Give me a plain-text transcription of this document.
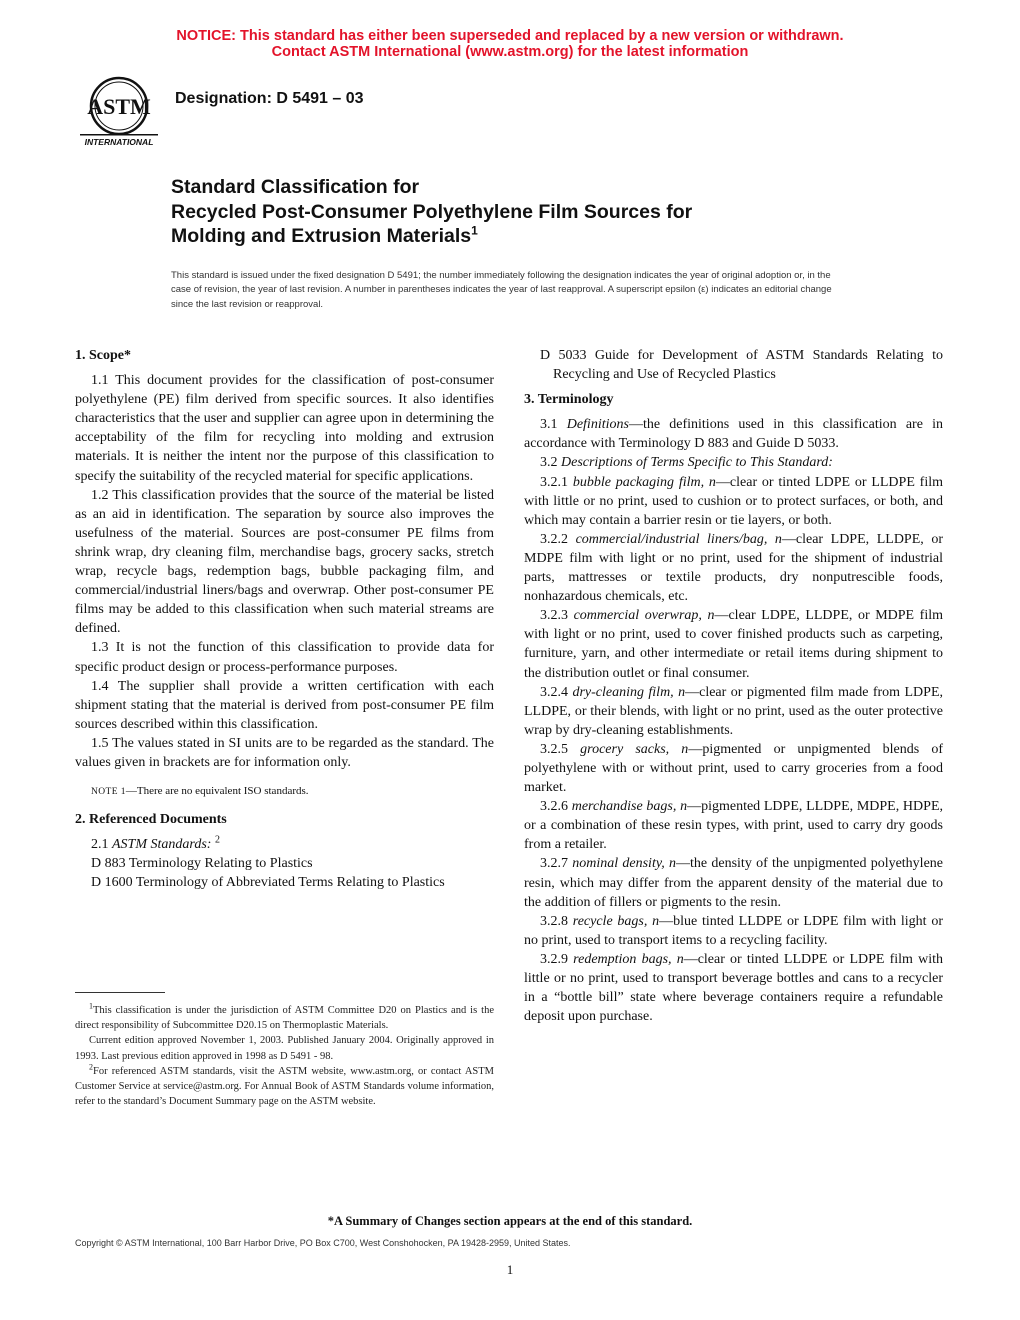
NOTICE: This standard has either been superseded and replaced by a new version or withdrawn.
Contact ASTM International (www.astm.org) for the latest information
ASTM
INTERNATIONAL
Designation: D 5491 – 03
Standard Classification for
Recycled Post-Consumer Polyethylene Film Sources for
Molding and Extrusion Materials$^1$
This standard is issued under the fixed designation D 5491; the number immediately following the designation indicates the year of original adoption or, in the case of revision, the year of last revision. A number in parentheses indicates the year of last reapproval. A superscript epsilon (ε) indicates an editorial change since the last revision or reapproval.

1. Scope*

1.1 This document provides for the classification of post-consumer polyethylene (PE) film derived from specific sources. It also identifies characteristics that the user and supplier can agree upon in determining the acceptability of the film for recycling into molding and extrusion materials. It is neither the intent nor the purpose of this classification to specify the suitability of the recycled material for specific applications.

1.2 This classification provides that the source of the material be listed as an aid in identification. The separation by source also improves the usefulness of the material. Sources are post-consumer PE films from shrink wrap, dry cleaning film, merchandise bags, grocery sacks, stretch wrap, recycle bags, redemption bags, bubble packaging film, and commercial/industrial liners/bags and overwrap. Other post-consumer PE films may be added to this classification when such material streams are defined.

1.3 It is not the function of this classification to provide data for specific product design or process-performance purposes.

1.4 The supplier shall provide a written certification with each shipment stating that the material is derived from post-consumer PE film sources described within this classification.

1.5 The values stated in SI units are to be regarded as the standard. The values given in brackets are for information only.

NOTE 1—There are no equivalent ISO standards.

2. Referenced Documents

2.1 ASTM Standards: $^2$

D 883 Terminology Relating to Plastics

D 1600 Terminology of Abbreviated Terms Relating to Plastics

$^1$This classification is under the jurisdiction of ASTM Committee D20 on Plastics and is the direct responsibility of Subcommittee D20.15 on Thermoplastic Materials.

Current edition approved November 1, 2003. Published January 2004. Originally approved in 1993. Last previous edition approved in 1998 as D 5491 - 98.

$^2$For referenced ASTM standards, visit the ASTM website, www.astm.org, or contact ASTM Customer Service at service@astm.org. For Annual Book of ASTM Standards volume information, refer to the standard’s Document Summary page on the ASTM website.

D 5033 Guide for Development of ASTM Standards Relating to Recycling and Use of Recycled Plastics

3. Terminology

3.1 Definitions—the definitions used in this classification are in accordance with Terminology D 883 and Guide D 5033.

3.2 Descriptions of Terms Specific to This Standard:

3.2.1 bubble packaging film, n—clear or tinted LDPE or LLDPE film with little or no print, used to cushion or to protect surfaces, or both, and which may contain a barrier resin or tie layers, or both.

3.2.2 commercial/industrial liners/bag, n—clear LDPE, LLDPE, or MDPE film with light or no print, used for the shipment of industrial parts, mattresses or textile products, dry nonputrescible foods, nonhazardous chemicals, etc.

3.2.3 commercial overwrap, n—clear LDPE, LLDPE, or MDPE film with light or no print, used to cover finished products such as carpeting, furniture, yarn, and other intermediate or retail items during shipment to the distribution outlet or final consumer.

3.2.4 dry-cleaning film, n—clear or pigmented film made from LDPE, LLDPE, or their blends, with light or no print, used as the outer protective wrap by dry-cleaning establishments.

3.2.5 grocery sacks, n—pigmented or unpigmented blends of polyethylene with or without print, used to carry groceries from a food market.

3.2.6 merchandise bags, n—pigmented LDPE, LLDPE, MDPE, HDPE, or a combination of these resin types, with print, used to carry dry goods from a retailer.

3.2.7 nominal density, n—the density of the unpigmented polyethylene resin, which may differ from the apparent density of the material due to the addition of fillers or pigments to the resin.

3.2.8 recycle bags, n—blue tinted LLDPE or LDPE film with light or no print, used to transport items to a recycling facility.

3.2.9 redemption bags, n—clear or tinted LLDPE or LDPE film with little or no print, used to transport beverage bottles and cans to a recycler in a “bottle bill” state where beverage containers require a refundable deposit upon purchase.

*A Summary of Changes section appears at the end of this standard.
Copyright © ASTM International, 100 Barr Harbor Drive, PO Box C700, West Conshohocken, PA 19428-2959, United States.
1
